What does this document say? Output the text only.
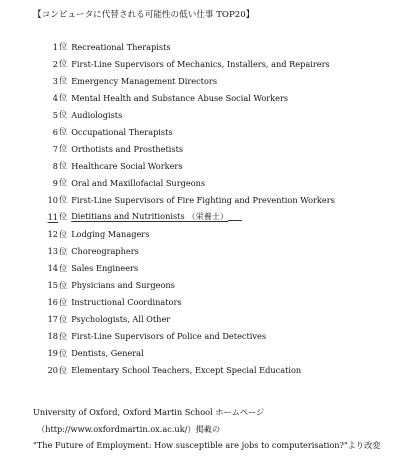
【コンピュータに代替される可能性の低い仕事 TOP20】
1 位 Recreational Therapists
2 位 First-Line Supervisors of Mechanics, Installers, and Repairers
3 位 Emergency Management Directors
4 位 Mental Health and Substance Abuse Social Workers
5 位 Audiologists
6 位 Occupational Therapists
7 位 Orthotists and Prosthetists
8 位 Healthcare Social Workers
9 位 Oral and Maxillofacial Surgeons
10 位 First-Line Supervisors of Fire Fighting and Prevention Workers
11 位 Dietitians and Nutritionists （栄養士）
12 位 Lodging Managers
13 位 Choreographers
14 位 Sales Engineers
15 位 Physicians and Surgeons
16 位 Instructional Coordinators
17 位 Psychologists, All Other
18 位 First-Line Supervisors of Police and Detectives
19 位 Dentists, General
20 位 Elementary School Teachers, Except Special Education
University of Oxford, Oxford Martin School ホームページ
（http://www.oxfordmartin.ox.ac.uk/）掲載の
"The Future of Employment: How susceptible are jobs to computerisation?"より改変
